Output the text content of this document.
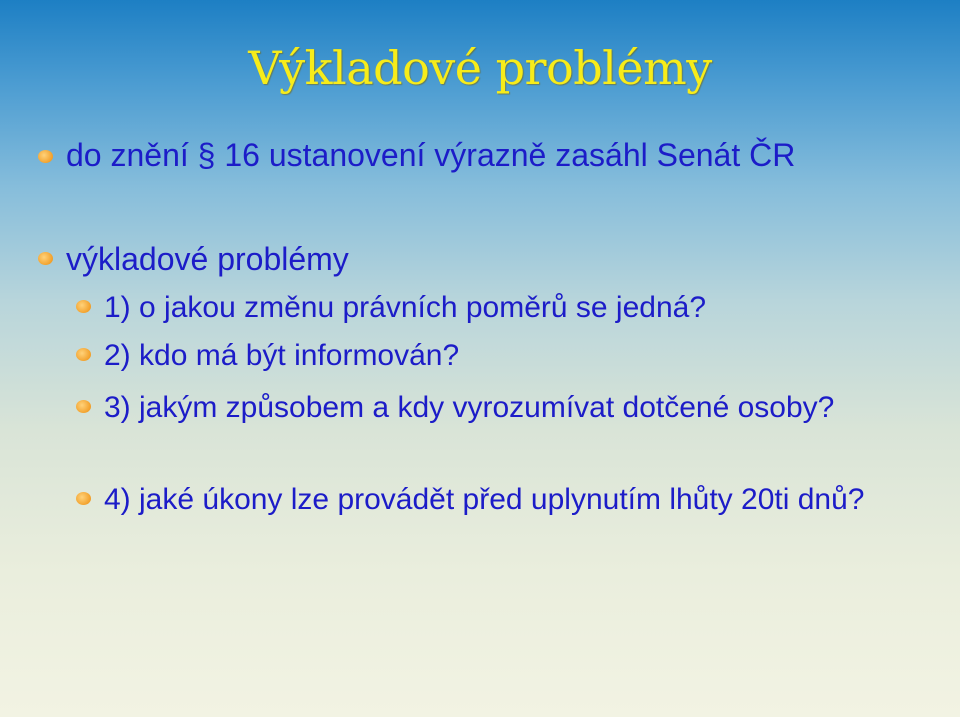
Výkladové problémy
do znění § 16 ustanovení výrazně zasáhl Senát ČR
výkladové problémy
1) o jakou změnu právních poměrů se jedná?
2) kdo má být informován?
3) jakým způsobem a kdy vyrozumívat dotčené osoby?
4) jaké úkony lze provádět před uplynutím lhůty 20ti dnů?
